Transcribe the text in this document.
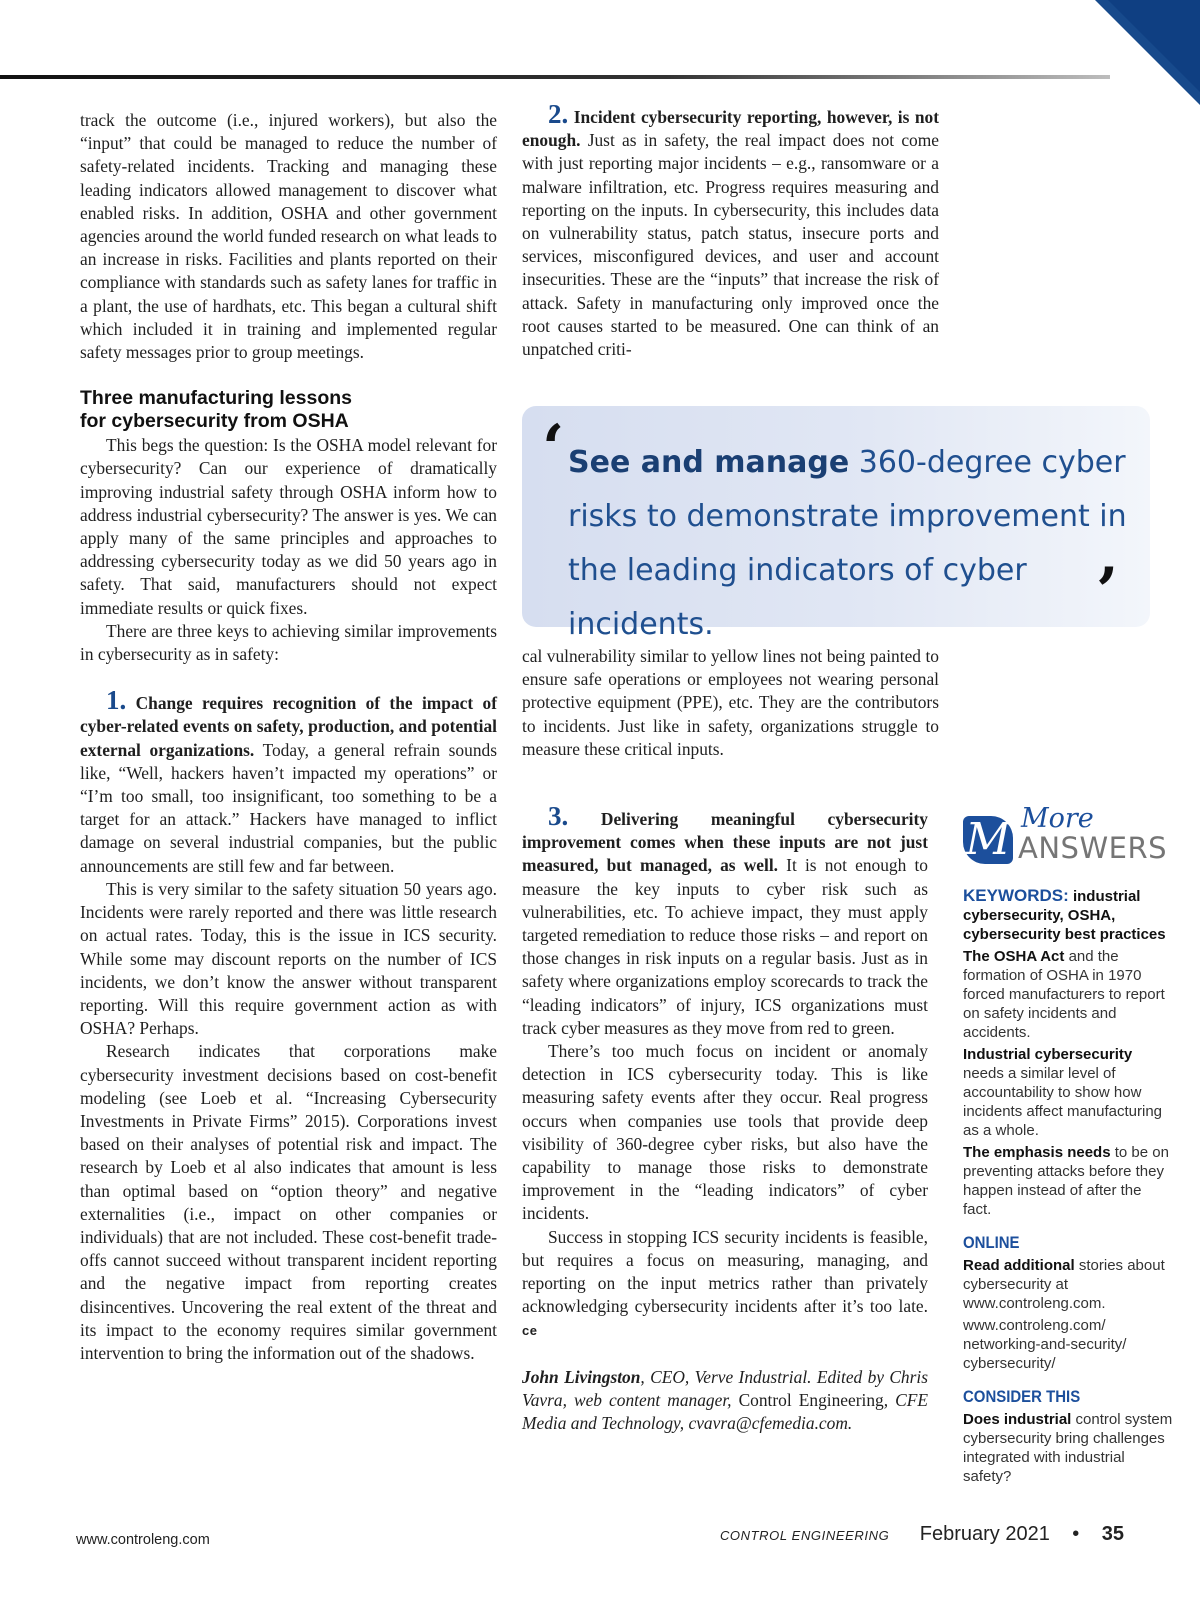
track the outcome (i.e., injured workers), but also the “input” that could be managed to reduce the number of safety-related incidents. Tracking and managing these leading indicators allowed management to discover what enabled risks. In addition, OSHA and other government agencies around the world funded research on what leads to an increase in risks. Facilities and plants reported on their compliance with standards such as safety lanes for traffic in a plant, the use of hardhats, etc. This began a cultural shift which included it in training and implemented regular safety messages prior to group meetings.

Three manufacturing lessons
for cybersecurity from OSHA

This begs the question: Is the OSHA model relevant for cybersecurity? Can our experience of dramatically improving industrial safety through OSHA inform how to address industrial cybersecurity? The answer is yes. We can apply many of the same principles and approaches to addressing cybersecurity today as we did 50 years ago in safety. That said, manufacturers should not expect immediate results or quick fixes.

There are three keys to achieving similar improvements in cybersecurity as in safety:

1. Change requires recognition of the impact of cyber-related events on safety, production, and potential external organizations. Today, a general refrain sounds like, “Well, hackers haven’t impacted my operations” or “I’m too small, too insignificant, too something to be a target for an attack.” Hackers have managed to inflict damage on several industrial companies, but the public announcements are still few and far between.

This is very similar to the safety situation 50 years ago. Incidents were rarely reported and there was little research on actual rates. Today, this is the issue in ICS security. While some may discount reports on the number of ICS incidents, we don’t know the answer without transparent reporting. Will this require government action as with OSHA? Perhaps.

Research indicates that corporations make cybersecurity investment decisions based on cost-benefit modeling (see Loeb et al. “Increasing Cybersecurity Investments in Private Firms” 2015). Corporations invest based on their analyses of potential risk and impact. The research by Loeb et al also indicates that amount is less than optimal based on “option theory” and negative externalities (i.e., impact on other companies or individuals) that are not included. These cost-benefit trade-offs cannot succeed without transparent incident reporting and the negative impact from reporting creates disincentives. Uncovering the real extent of the threat and its impact to the economy requires similar government intervention to bring the information out of the shadows.

2. Incident cybersecurity reporting, however, is not enough. Just as in safety, the real impact does not come with just reporting major incidents – e.g., ransomware or a malware infiltration, etc. Progress requires measuring and reporting on the inputs. In cybersecurity, this includes data on vulnerability status, patch status, insecure ports and services, misconfigured devices, and user and account insecurities. These are the “inputs” that increase the risk of attack. Safety in manufacturing only improved once the root causes started to be measured. One can think of an unpatched criti-

‘ See and manage 360-degree cyber risks to demonstrate improvement in the leading indicators of cyber incidents.	’

cal vulnerability similar to yellow lines not being painted to ensure safe operations or employees not wearing personal protective equipment (PPE), etc. They are the contributors to incidents. Just like in safety, organizations struggle to measure these critical inputs.

3. Delivering meaningful cybersecurity improvement comes when these inputs are not just measured, but managed, as well. It is not enough to measure the key inputs to cyber risk such as vulnerabilities, etc. To achieve impact, they must apply targeted remediation to reduce those risks – and report on those changes in risk inputs on a regular basis. Just as in safety where organizations employ scorecards to track the “leading indicators” of injury, ICS organizations must track cyber measures as they move from red to green.

There’s too much focus on incident or anomaly detection in ICS cybersecurity today. This is like measuring safety events after they occur. Real progress occurs when companies use tools that provide deep visibility of 360-degree cyber risks, but also have the capability to manage those risks to demonstrate improvement in the “leading indicators” of cyber incidents.

Success in stopping ICS security incidents is feasible, but requires a focus on measuring, managing, and reporting on the input metrics rather than privately acknowledging cybersecurity incidents after it’s too late. ce

John Livingston, CEO, Verve Industrial. Edited by Chris Vavra, web content manager, Control Engineering, CFE Media and Technology, cvavra@cfemedia.com.

M More
ANSWERS
KEYWORDS: industrial cybersecurity, OSHA, cybersecurity best practices
The OSHA Act and the formation of OSHA in 1970 forced manufacturers to report on safety incidents and accidents.
Industrial cybersecurity needs a similar level of accountability to show how incidents affect manufacturing as a whole.
The emphasis needs to be on preventing attacks before they happen instead of after the fact.
ONLINE
Read additional stories about cybersecurity at www.controleng.com.
www.controleng.com/ networking-and-security/ cybersecurity/
CONSIDER THIS
Does industrial control system cybersecurity bring challenges integrated with industrial safety?
www.controleng.com	CONTROL ENGINEERING February 2021 • 35
